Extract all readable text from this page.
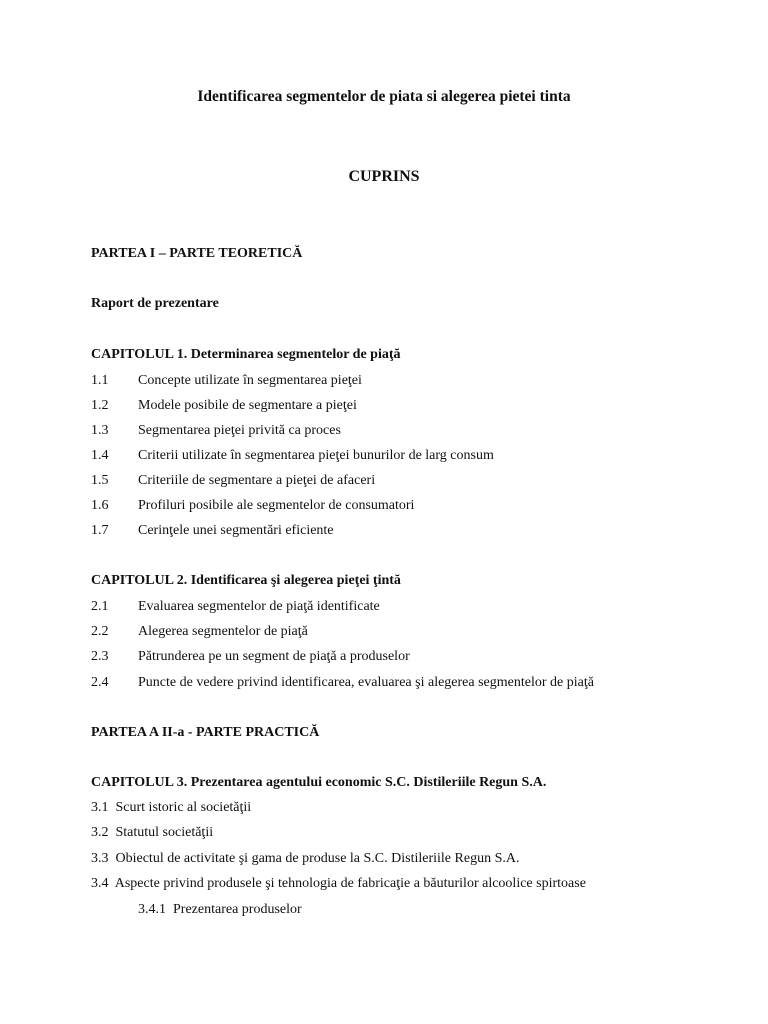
Identificarea segmentelor de piata si alegerea pietei tinta
CUPRINS
PARTEA I – PARTE TEORETICĂ
Raport de prezentare
CAPITOLUL 1. Determinarea segmentelor de piaţă
1.1 Concepte utilizate în segmentarea pieţei
1.2 Modele posibile de segmentare a pieţei
1.3 Segmentarea pieţei privită ca proces
1.4 Criterii utilizate în segmentarea pieţei bunurilor de larg consum
1.5 Criteriile de segmentare a pieţei de afaceri
1.6 Profiluri posibile ale segmentelor de consumatori
1.7 Cerinţele unei segmentări eficiente
CAPITOLUL 2. Identificarea şi alegerea pieţei ţintă
2.1 Evaluarea segmentelor de piaţă identificate
2.2 Alegerea segmentelor de piaţă
2.3 Pătrunderea pe un segment de piaţă a produselor
2.4 Puncte de vedere privind identificarea, evaluarea şi alegerea segmentelor de piaţă
PARTEA A II-a - PARTE PRACTICĂ
CAPITOLUL 3. Prezentarea agentului economic S.C. Distileriile Regun S.A.
3.1 Scurt istoric al societăţii
3.2 Statutul societăţii
3.3 Obiectul de activitate şi gama de produse la S.C. Distileriile Regun S.A.
3.4 Aspecte privind produsele şi tehnologia de fabricaţie a băuturilor alcoolice spirtoase
3.4.1 Prezentarea produselor
